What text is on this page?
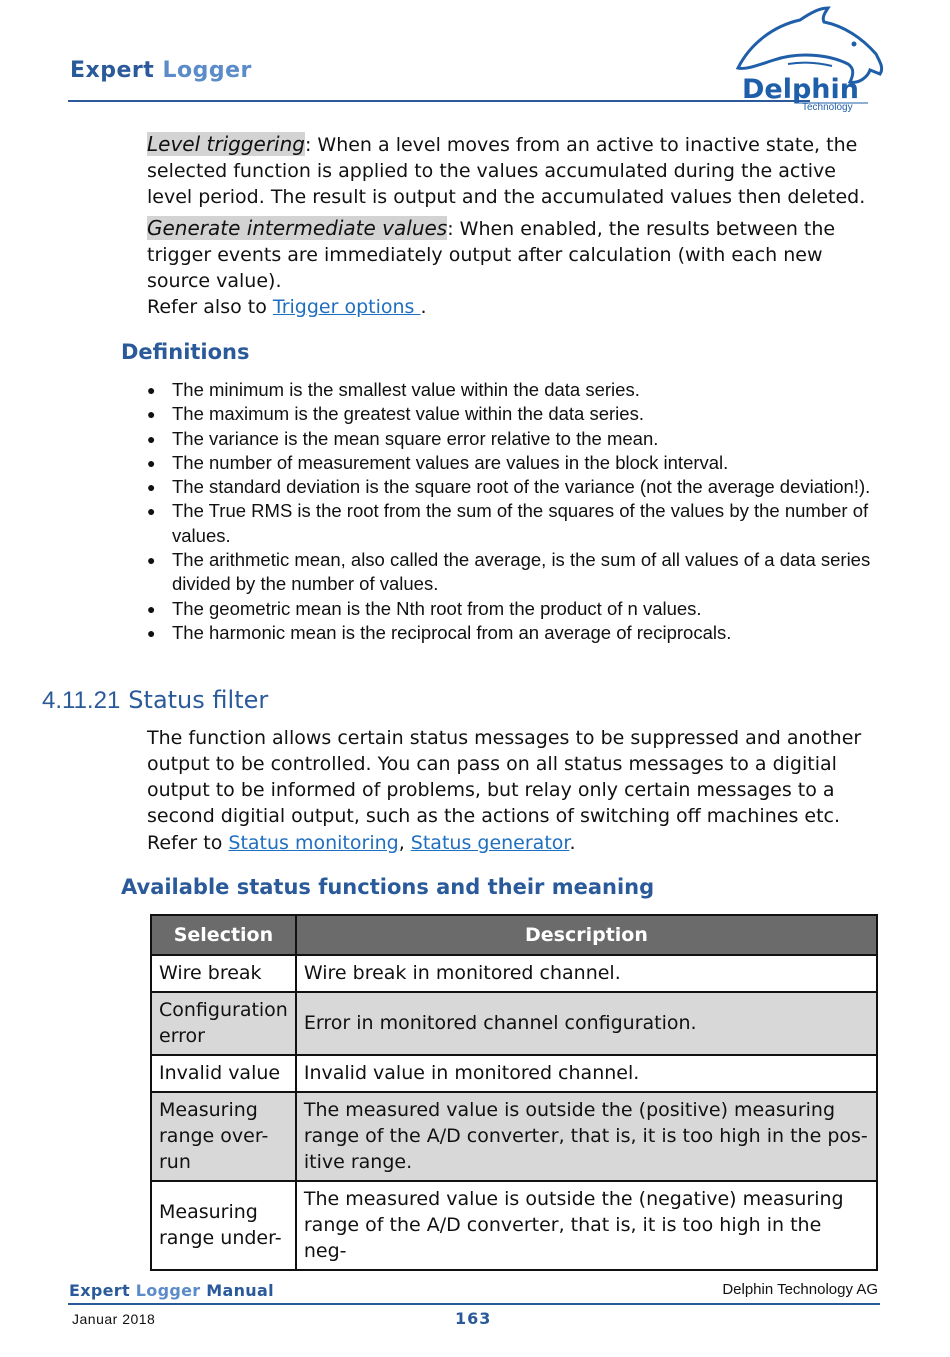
Expert Logger
Delphin
Technology
Level triggering: When a level moves from an active to inactive state, the selected function is applied to the values accumulated during the active level period. The result is output and the accumulated values then deleted.
Generate intermediate values: When enabled, the results between the trigger events are immediately output after calculation (with each new source value).
Refer also to Trigger options .
Definitions
● The minimum is the smallest value within the data series.
● The maximum is the greatest value within the data series.
● The variance is the mean square error relative to the mean.
● The number of measurement values are values in the block interval.
● The standard deviation is the square root of the variance (not the average deviation!).
● The True RMS is the root from the sum of the squares of the values by the number of values.
● The arithmetic mean, also called the average, is the sum of all values of a data series divided by the number of values.
● The geometric mean is the Nth root from the product of n values.
● The harmonic mean is the reciprocal from an average of reciprocals.
4.11.21 Status filter
The function allows certain status messages to be suppressed and another output to be controlled. You can pass on all status messages to a digitial output to be informed of problems, but relay only certain messages to a second digitial output, such as the actions of switching off machines etc.
Refer to Status monitoring, Status generator.
Available status functions and their meaning
Selection	Description
Wire break	Wire break in monitored channel.
Configuration error	Error in monitored channel configuration.
Invalid value	Invalid value in monitored channel.
Measuring range over-run	The measured value is outside the (positive) measuring range of the A/D converter, that is, it is too high in the pos-itive range.
Measuring range under-	The measured value is outside the (negative) measuring range of the A/D converter, that is, it is too high in the neg-
Expert Logger Manual	Delphin Technology AG
Januar 2018	163
